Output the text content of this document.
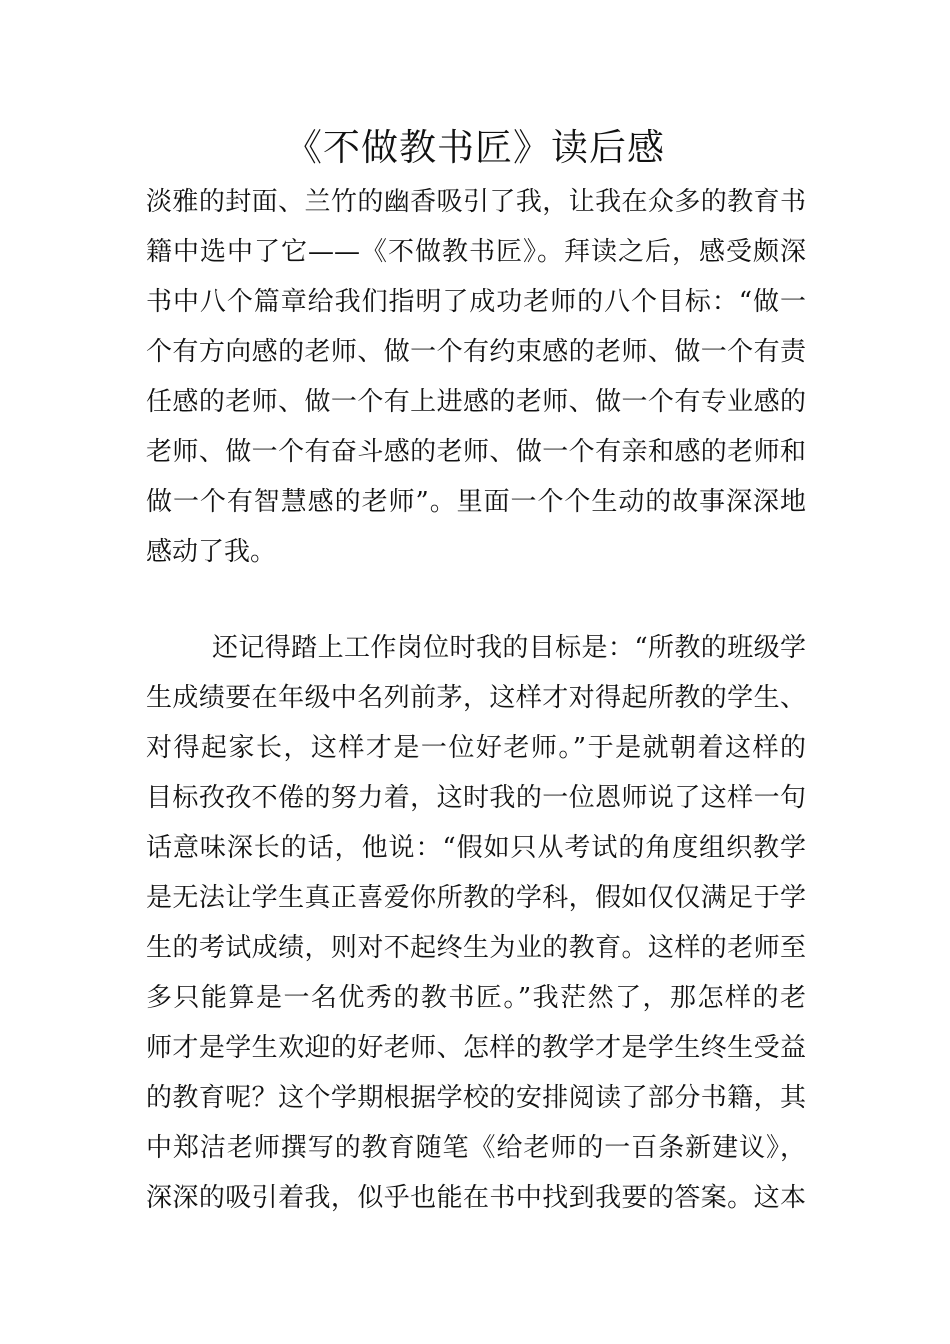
《不做教书匠》读后感
淡雅的封面、兰竹的幽香吸引了我，让我在众多的教育书
籍中选中了它——《不做教书匠》。拜读之后，感受颇深
书中八个篇章给我们指明了成功老师的八个目标：“做一
个有方向感的老师、做一个有约束感的老师、做一个有责
任感的老师、做一个有上进感的老师、做一个有专业感的
老师、做一个有奋斗感的老师、做一个有亲和感的老师和
做一个有智慧感的老师”。里面一个个生动的故事深深地
感动了我。
还记得踏上工作岗位时我的目标是：“所教的班级学
生成绩要在年级中名列前茅，这样才对得起所教的学生、
对得起家长，这样才是一位好老师。”于是就朝着这样的
目标孜孜不倦的努力着，这时我的一位恩师说了这样一句
话意味深长的话，他说：“假如只从考试的角度组织教学
是无法让学生真正喜爱你所教的学科，假如仅仅满足于学
生的考试成绩，则对不起终生为业的教育。这样的老师至
多只能算是一名优秀的教书匠。”我茫然了，那怎样的老
师才是学生欢迎的好老师、怎样的教学才是学生终生受益
的教育呢？这个学期根据学校的安排阅读了部分书籍，其
中郑洁老师撰写的教育随笔《给老师的一百条新建议》，
深深的吸引着我，似乎也能在书中找到我要的答案。这本
